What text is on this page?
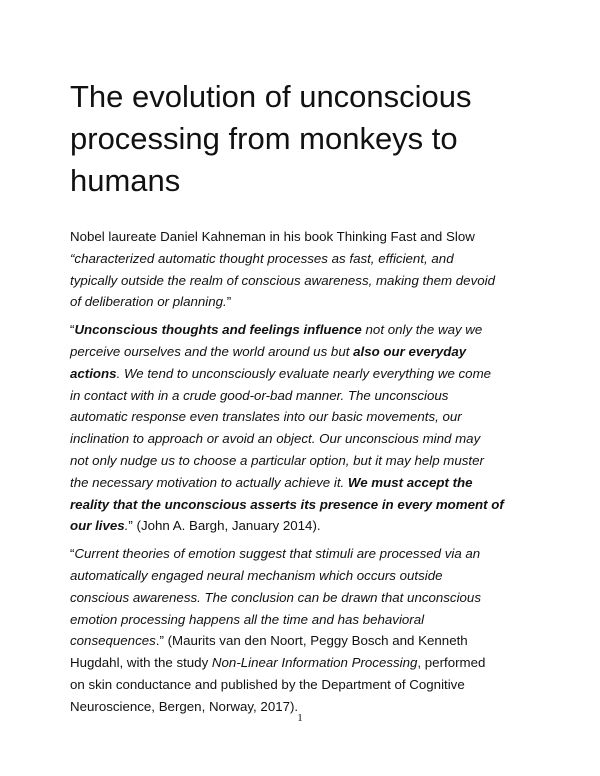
The evolution of unconscious
processing from monkeys to
humans

Nobel laureate Daniel Kahneman in his book Thinking Fast and Slow
“characterized automatic thought processes as fast, efficient, and
typically outside the realm of conscious awareness, making them devoid
of deliberation or planning.”

“Unconscious thoughts and feelings influence not only the way we
perceive ourselves and the world around us but also our everyday
actions. We tend to unconsciously evaluate nearly everything we come
in contact with in a crude good-or-bad manner. The unconscious
automatic response even translates into our basic movements, our
inclination to approach or avoid an object. Our unconscious mind may
not only nudge us to choose a particular option, but it may help muster
the necessary motivation to actually achieve it. We must accept the
reality that the unconscious asserts its presence in every moment of
our lives.” (John A. Bargh, January 2014).

“Current theories of emotion suggest that stimuli are processed via an
automatically engaged neural mechanism which occurs outside
conscious awareness. The conclusion can be drawn that unconscious
emotion processing happens all the time and has behavioral
consequences.” (Maurits van den Noort, Peggy Bosch and Kenneth
Hugdahl, with the study Non-Linear Information Processing, performed
on skin conductance and published by the Department of Cognitive
Neuroscience, Bergen, Norway, 2017).

1
